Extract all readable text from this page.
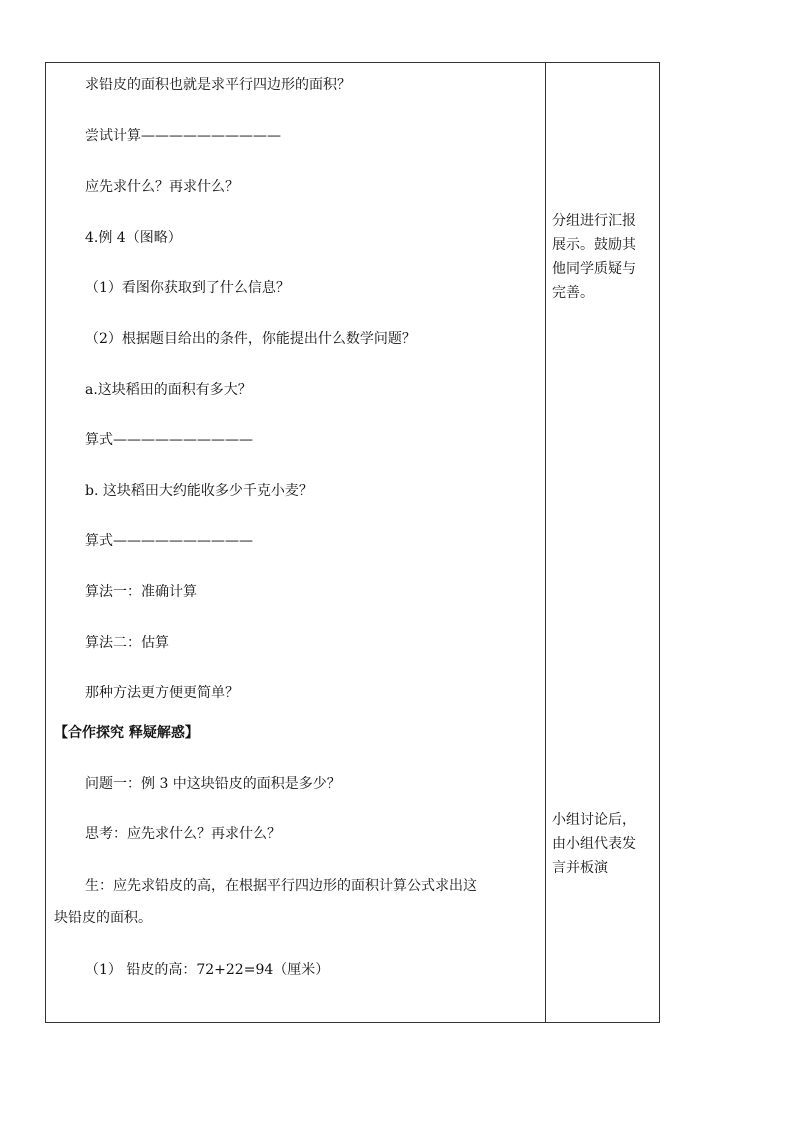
求铅皮的面积也就是求平行四边形的面积？
尝试计算——————————
应先求什么？再求什么？
4.例 4（图略）
（1）看图你获取到了什么信息？
（2）根据题目给出的条件，你能提出什么数学问题？
a.这块稻田的面积有多大？
算式——————————
b. 这块稻田大约能收多少千克小麦？
算式——————————
算法一：准确计算
算法二：估算
那种方法更方便更简单？
【合作探究 释疑解惑】
问题一：例 3 中这块铅皮的面积是多少？
思考：应先求什么？再求什么？
生：应先求铅皮的高，在根据平行四边形的面积计算公式求出这
块铅皮的面积。
（1） 铅皮的高：72+22=94（厘米）
分组进行汇报
展示。鼓励其
他同学质疑与
完善。
小组讨论后，
由小组代表发
言并板演
